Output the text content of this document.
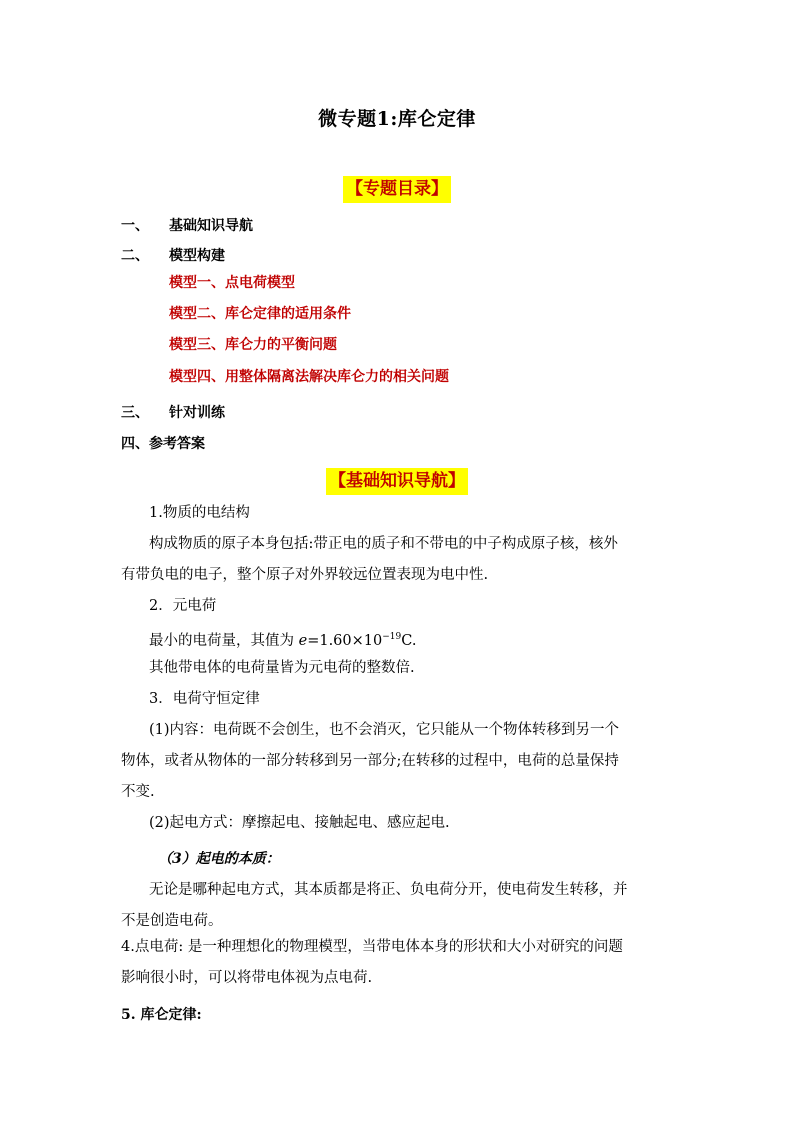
微专题1:库仑定律
【专题目录】
一、 基础知识导航
二、 模型构建
模型一、点电荷模型
模型二、库仑定律的适用条件
模型三、库仑力的平衡问题
模型四、用整体隔离法解决库仑力的相关问题
三、 针对训练
四、参考答案
【基础知识导航】
1.物质的电结构
构成物质的原子本身包括:带正电的质子和不带电的中子构成原子核，核外
有带负电的电子，整个原子对外界较远位置表现为电中性.
2．元电荷
最小的电荷量，其值为 $e=1.60\times 10^{-19}C$.
其他带电体的电荷量皆为元电荷的整数倍.
3．电荷守恒定律
(1)内容：电荷既不会创生，也不会消灭，它只能从一个物体转移到另一个
物体，或者从物体的一部分转移到另一部分;在转移的过程中，电荷的总量保持
不变.
(2)起电方式：摩擦起电、接触起电、感应起电.
（3）起电的本质：
无论是哪种起电方式，其本质都是将正、负电荷分开，使电荷发生转移，并
不是创造电荷。
4.点电荷: 是一种理想化的物理模型，当带电体本身的形状和大小对研究的问题
影响很小时，可以将带电体视为点电荷.
5. 库仑定律:
